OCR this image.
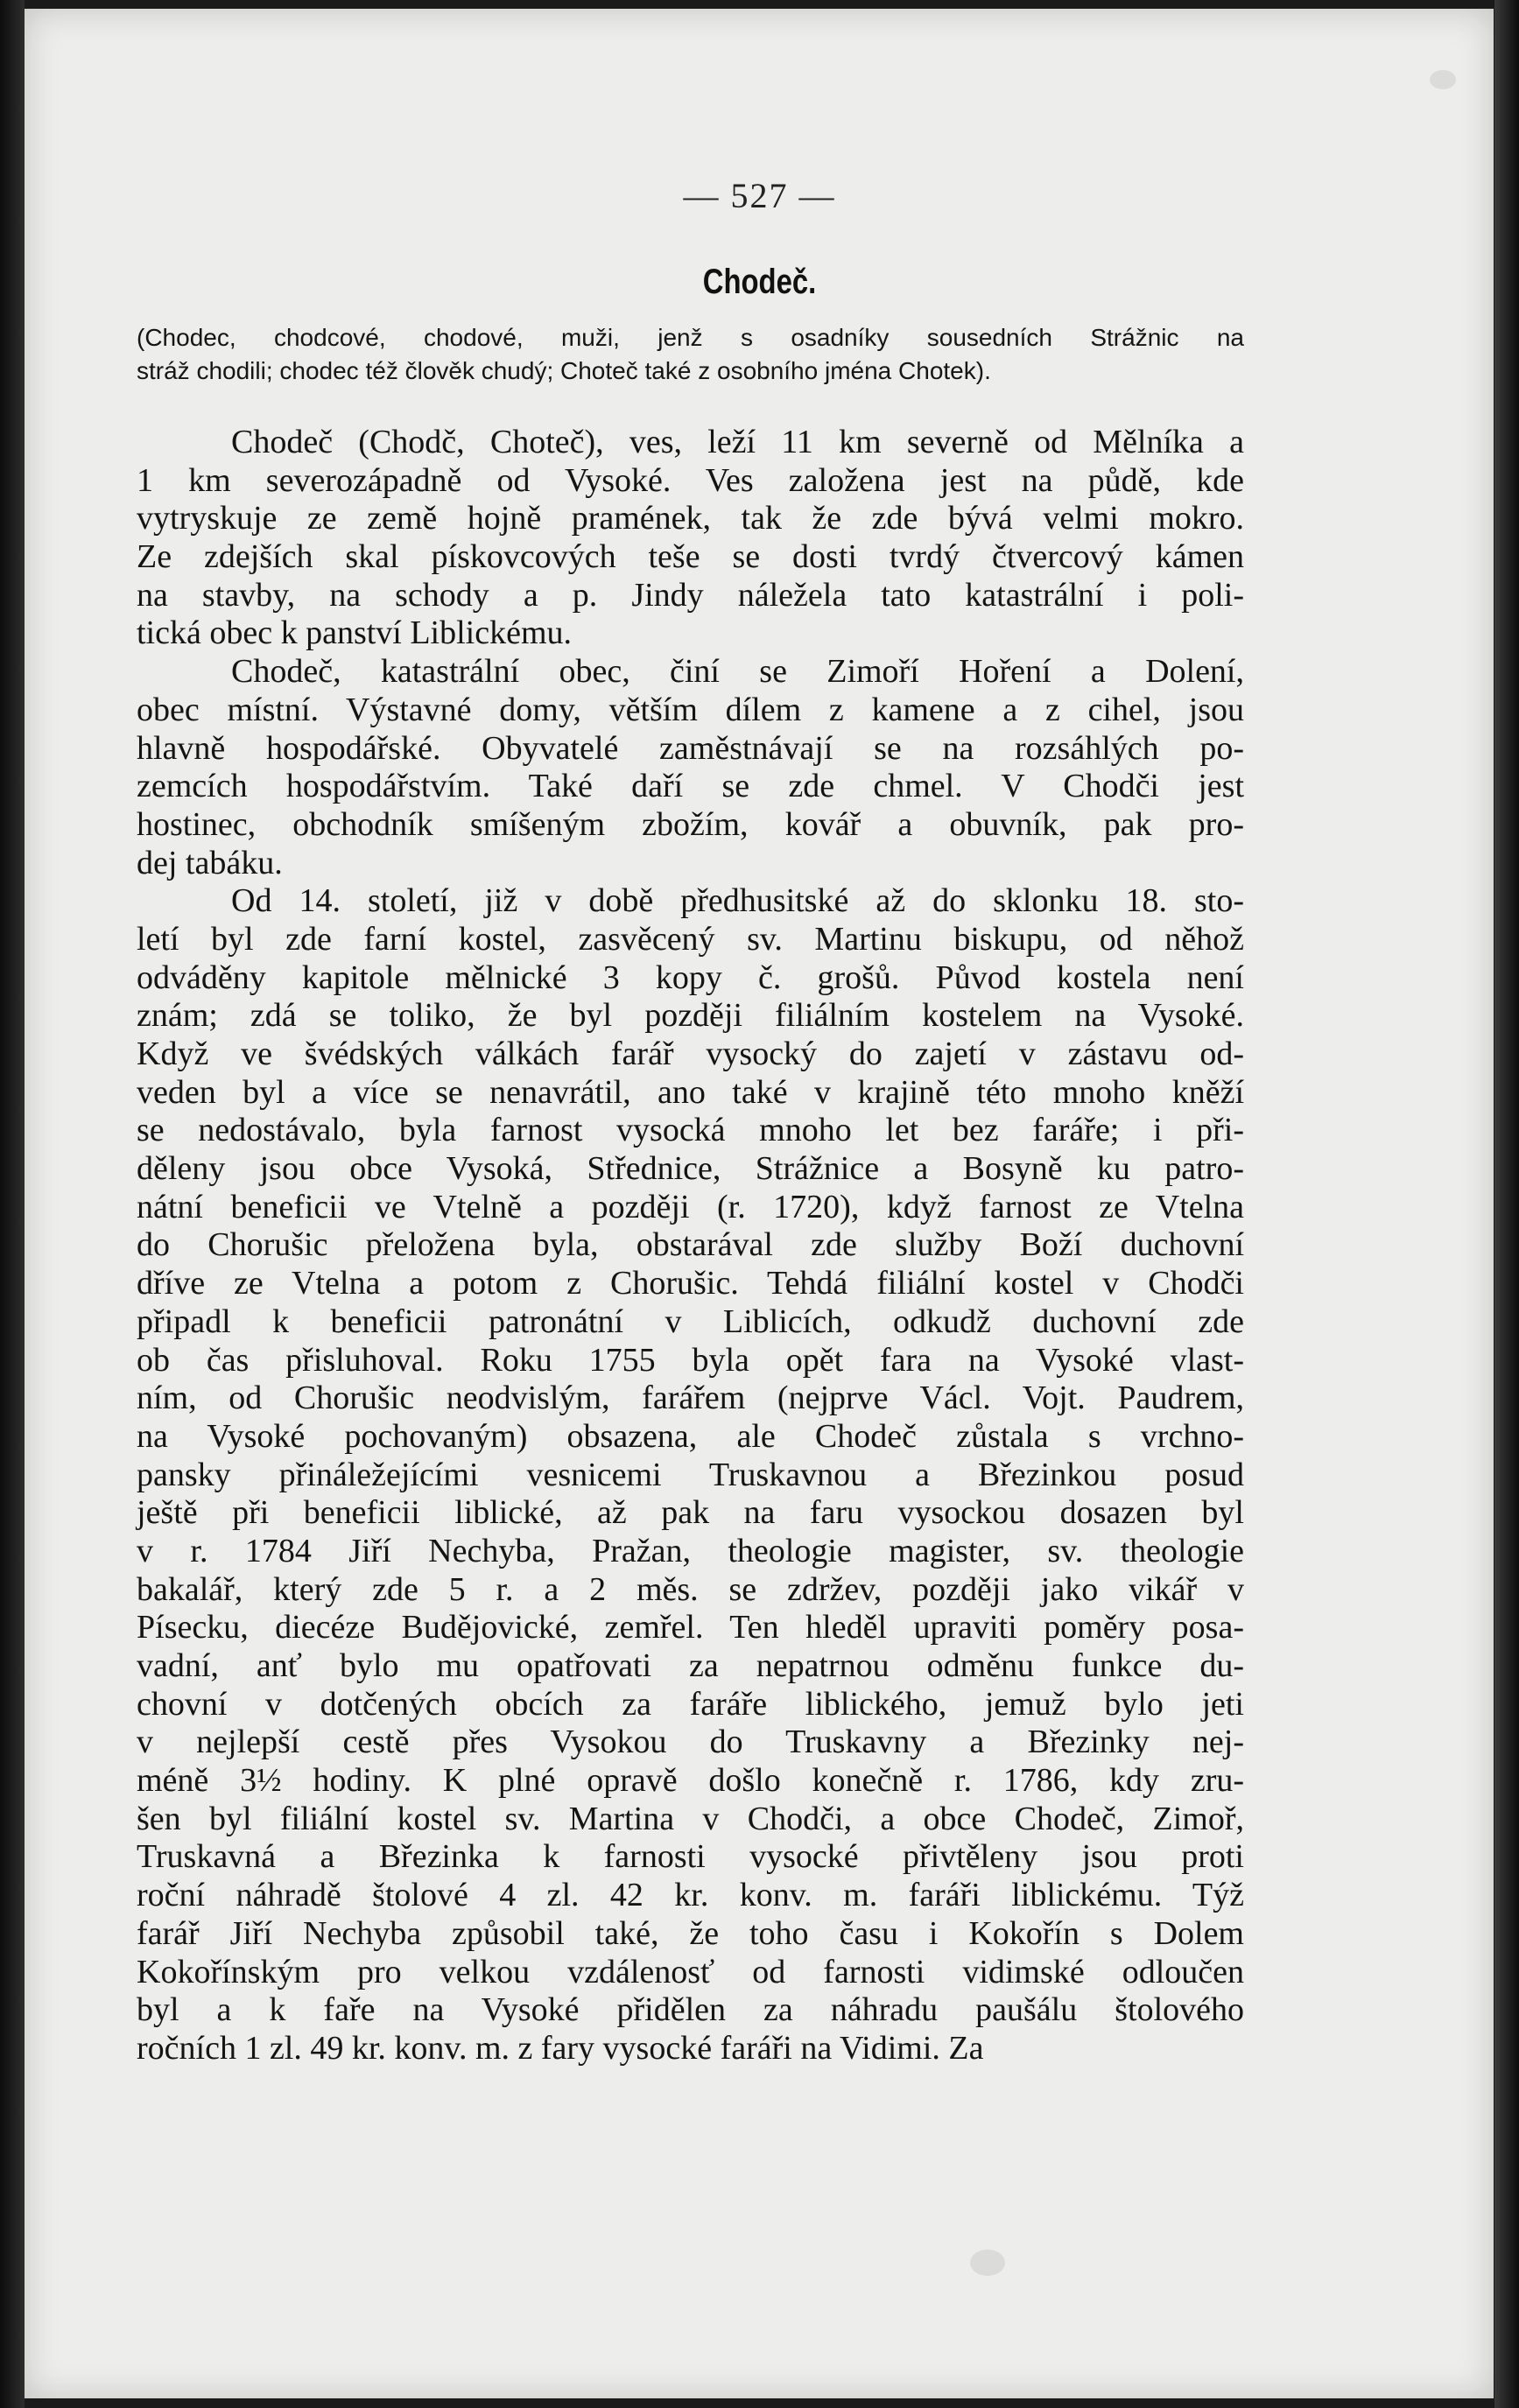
— 527 —
Chodeč.
(Chodec, chodcové, chodové, muži, jenž s osadníky sousedních Strážnic na
stráž chodili; chodec též člověk chudý; Choteč také z osobního jména Chotek).
Chodeč (Chodč, Choteč), ves, leží 11 km severně od Mělníka a
1 km severozápadně od Vysoké. Ves založena jest na půdě, kde
vytryskuje ze země hojně pramének, tak že zde bývá velmi mokro.
Ze zdejších skal pískovcových teše se dosti tvrdý čtvercový kámen
na stavby, na schody a p. Jindy náležela tato katastrální i poli-
tická obec k panství Liblickému.
Chodeč, katastrální obec, činí se Zimoří Hoření a Dolení,
obec místní. Výstavné domy, větším dílem z kamene a z cihel, jsou
hlavně hospodářské. Obyvatelé zaměstnávají se na rozsáhlých po-
zemcích hospodářstvím. Také daří se zde chmel. V Chodči jest
hostinec, obchodník smíšeným zbožím, kovář a obuvník, pak pro-
dej tabáku.
Od 14. století, již v době předhusitské až do sklonku 18. sto-
letí byl zde farní kostel, zasvěcený sv. Martinu biskupu, od něhož
odváděny kapitole mělnické 3 kopy č. grošů. Původ kostela není
znám; zdá se toliko, že byl později filiálním kostelem na Vysoké.
Když ve švédských válkách farář vysocký do zajetí v zástavu od-
veden byl a více se nenavrátil, ano také v krajině této mnoho kněží
se nedostávalo, byla farnost vysocká mnoho let bez faráře; i při-
děleny jsou obce Vysoká, Střednice, Strážnice a Bosyně ku patro-
nátní beneficii ve Vtelně a později (r. 1720), když farnost ze Vtelna
do Chorušic přeložena byla, obstarával zde služby Boží duchovní
dříve ze Vtelna a potom z Chorušic. Tehdá filiální kostel v Chodči
připadl k beneficii patronátní v Liblicích, odkudž duchovní zde
ob čas přisluhoval. Roku 1755 byla opět fara na Vysoké vlast-
ním, od Chorušic neodvislým, farářem (nejprve Václ. Vojt. Paudrem,
na Vysoké pochovaným) obsazena, ale Chodeč zůstala s vrchno-
pansky přináležejícími vesnicemi Truskavnou a Březinkou posud
ještě při beneficii liblické, až pak na faru vysockou dosazen byl
v r. 1784 Jiří Nechyba, Pražan, theologie magister, sv. theologie
bakalář, který zde 5 r. a 2 měs. se zdržev, později jako vikář v
Písecku, diecéze Budějovické, zemřel. Ten hleděl upraviti poměry posa-
vadní, anť bylo mu opatřovati za nepatrnou odměnu funkce du-
chovní v dotčených obcích za faráře liblického, jemuž bylo jeti
v nejlepší cestě přes Vysokou do Truskavny a Březinky nej-
méně 3½ hodiny. K plné opravě došlo konečně r. 1786, kdy zru-
šen byl filiální kostel sv. Martina v Chodči, a obce Chodeč, Zimoř,
Truskavná a Březinka k farnosti vysocké přivtěleny jsou proti
roční náhradě štolové 4 zl. 42 kr. konv. m. faráři liblickému. Týž
farář Jiří Nechyba způsobil také, že toho času i Kokořín s Dolem
Kokořínským pro velkou vzdálenosť od farnosti vidimské odloučen
byl a k faře na Vysoké přidělen za náhradu paušálu štolového
ročních 1 zl. 49 kr. konv. m. z fary vysocké faráři na Vidimi. Za
